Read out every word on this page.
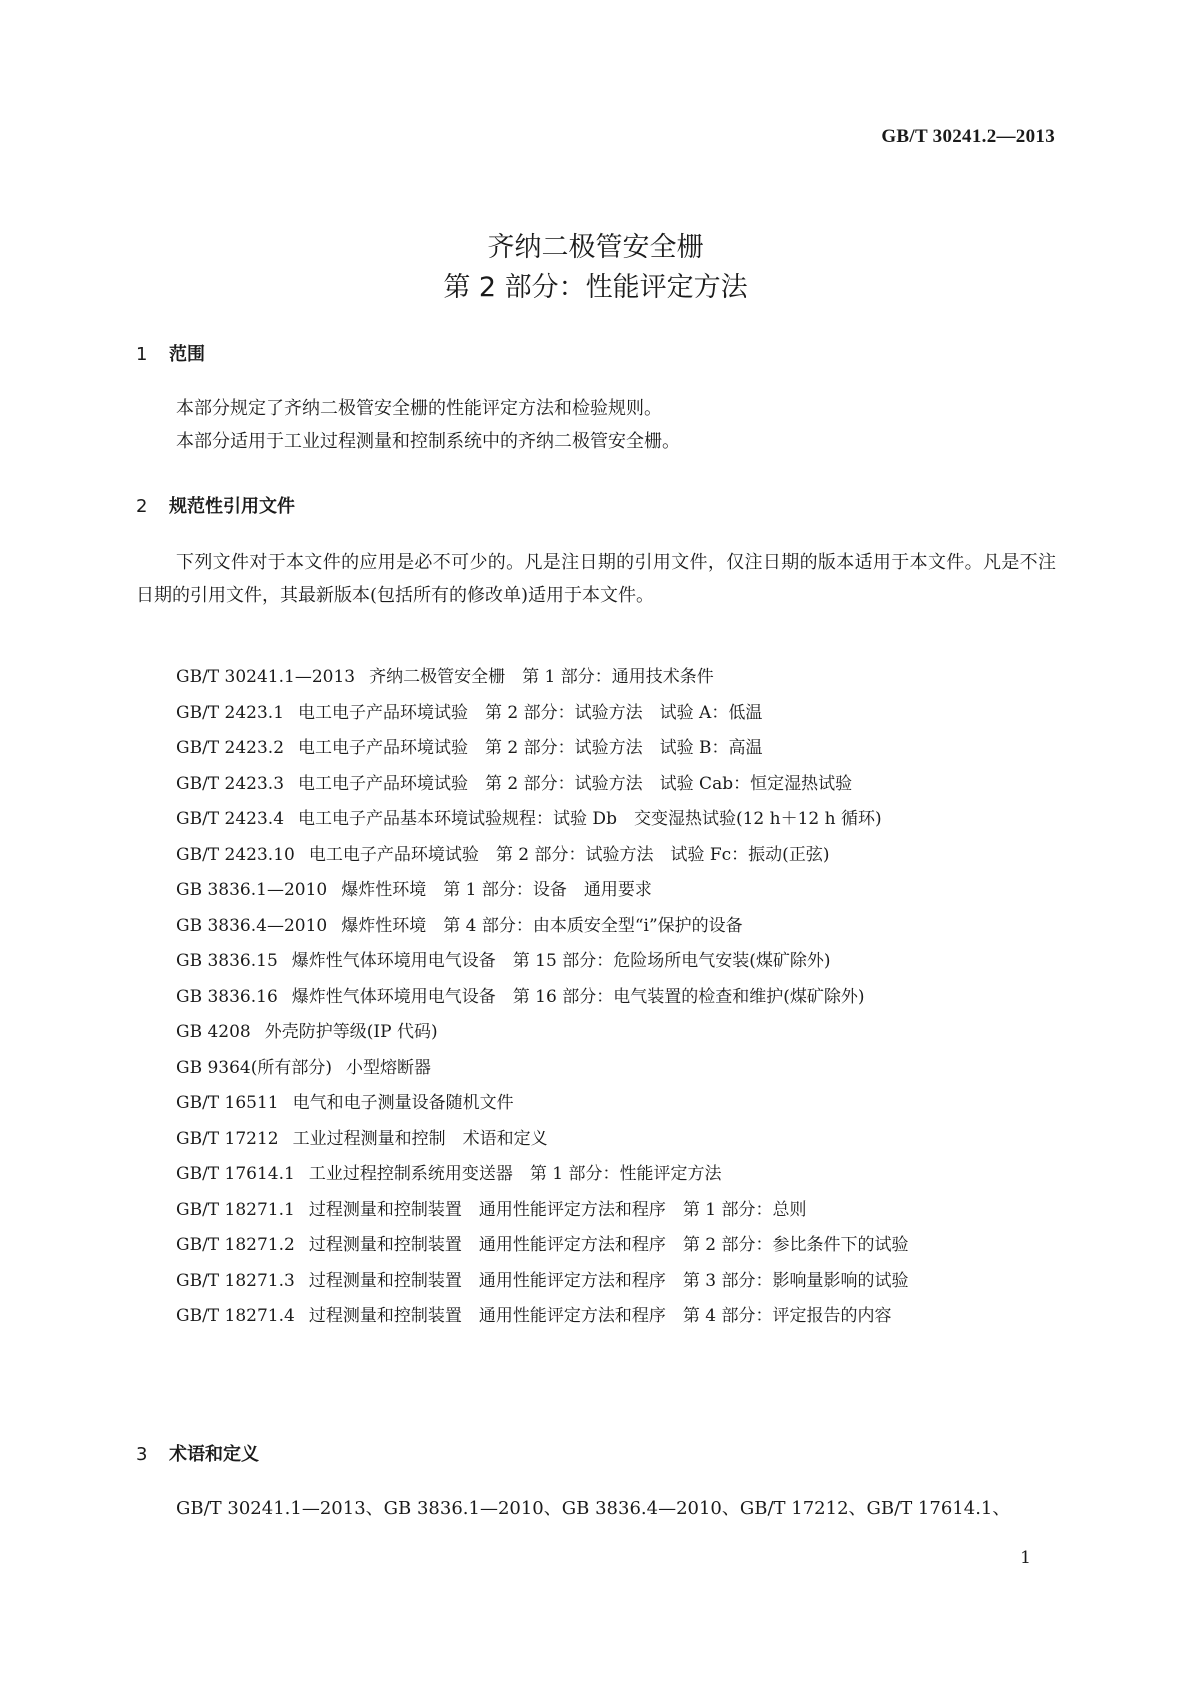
GB/T 30241.2—2013
齐纳二极管安全栅
第 2 部分：性能评定方法
1 范围
本部分规定了齐纳二极管安全栅的性能评定方法和检验规则。
本部分适用于工业过程测量和控制系统中的齐纳二极管安全栅。
2 规范性引用文件
下列文件对于本文件的应用是必不可少的。凡是注日期的引用文件，仅注日期的版本适用于本文件。凡是不注日期的引用文件，其最新版本(包括所有的修改单)适用于本文件。
GB/T 30241.1—2013 齐纳二极管安全栅　第 1 部分：通用技术条件
GB/T 2423.1 电工电子产品环境试验　第 2 部分：试验方法　试验 A：低温
GB/T 2423.2 电工电子产品环境试验　第 2 部分：试验方法　试验 B：高温
GB/T 2423.3 电工电子产品环境试验　第 2 部分：试验方法　试验 Cab：恒定湿热试验
GB/T 2423.4 电工电子产品基本环境试验规程：试验 Db　交变湿热试验(12 h＋12 h 循环)
GB/T 2423.10 电工电子产品环境试验　第 2 部分：试验方法　试验 Fc：振动(正弦)
GB 3836.1—2010 爆炸性环境　第 1 部分：设备　通用要求
GB 3836.4—2010 爆炸性环境　第 4 部分：由本质安全型“i”保护的设备
GB 3836.15 爆炸性气体环境用电气设备　第 15 部分：危险场所电气安装(煤矿除外)
GB 3836.16 爆炸性气体环境用电气设备　第 16 部分：电气装置的检查和维护(煤矿除外)
GB 4208 外壳防护等级(IP 代码)
GB 9364(所有部分) 小型熔断器
GB/T 16511 电气和电子测量设备随机文件
GB/T 17212 工业过程测量和控制　术语和定义
GB/T 17614.1 工业过程控制系统用变送器　第 1 部分：性能评定方法
GB/T 18271.1 过程测量和控制装置　通用性能评定方法和程序　第 1 部分：总则
GB/T 18271.2 过程测量和控制装置　通用性能评定方法和程序　第 2 部分：参比条件下的试验
GB/T 18271.3 过程测量和控制装置　通用性能评定方法和程序　第 3 部分：影响量影响的试验
GB/T 18271.4 过程测量和控制装置　通用性能评定方法和程序　第 4 部分：评定报告的内容
3 术语和定义
GB/T 30241.1—2013、GB 3836.1—2010、GB 3836.4—2010、GB/T 17212、GB/T 17614.1、
1
